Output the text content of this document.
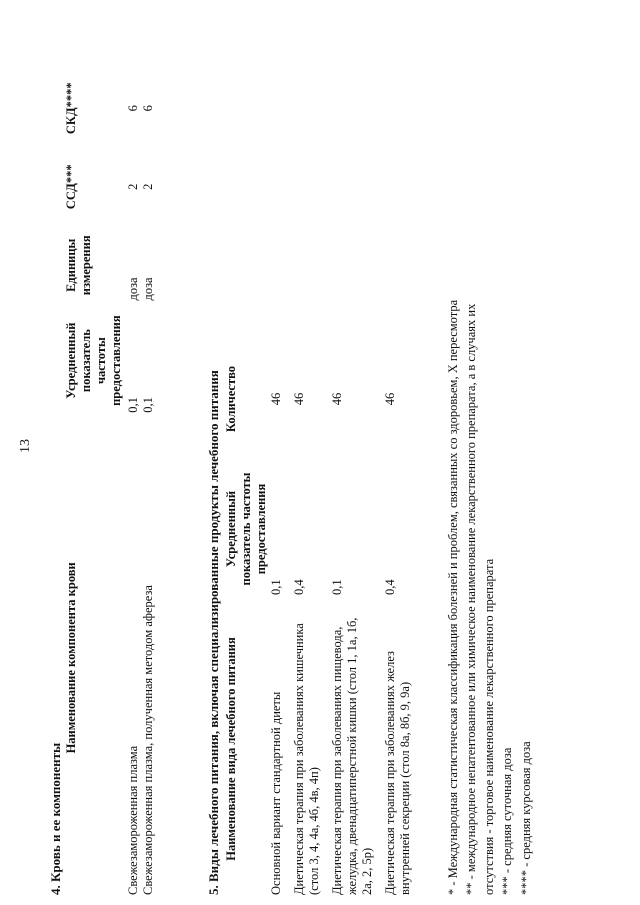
13
4. Кровь и ее компоненты
Наименование компонента крови	Усредненный показатель частоты предоставления	Единицы измерения	ССД***	СКД****
Свежезамороженная плазма	0,1	доза	2	6
Свежезамороженная плазма, полученная методом афереза	0,1	доза	2	6
5. Виды лечебного питания, включая специализированные продукты лечебного питания Наименование вида лечебного питания	Усредненный показатель частоты предоставления	Количество
Основной вариант стандартной диеты	0,1	46
Диетическая терапия при заболеваниях кишечника (стол 3, 4, 4а, 4б, 4в, 4п)	0,4	46
Диетическая терапия при заболеваниях пищевода, желудка, двенадцатиперстной кишки (стол 1, 1а, 1б, 2а, 2, 5р)	0,1	46
Диетическая терапия при заболеваниях желез внутренней секреции (стол 8а, 8б, 9, 9а)	0,4	46	* - Международная статистическая классификация болезней и проблем, связанных со здоровьем, X пересмотра ** - международное непатентованное или химическое наименование лекарственного препарата, а в случаях их отсутствия - торговое наименование лекарственного препарата *** - средняя суточная доза **** - средняя курсовая доза
